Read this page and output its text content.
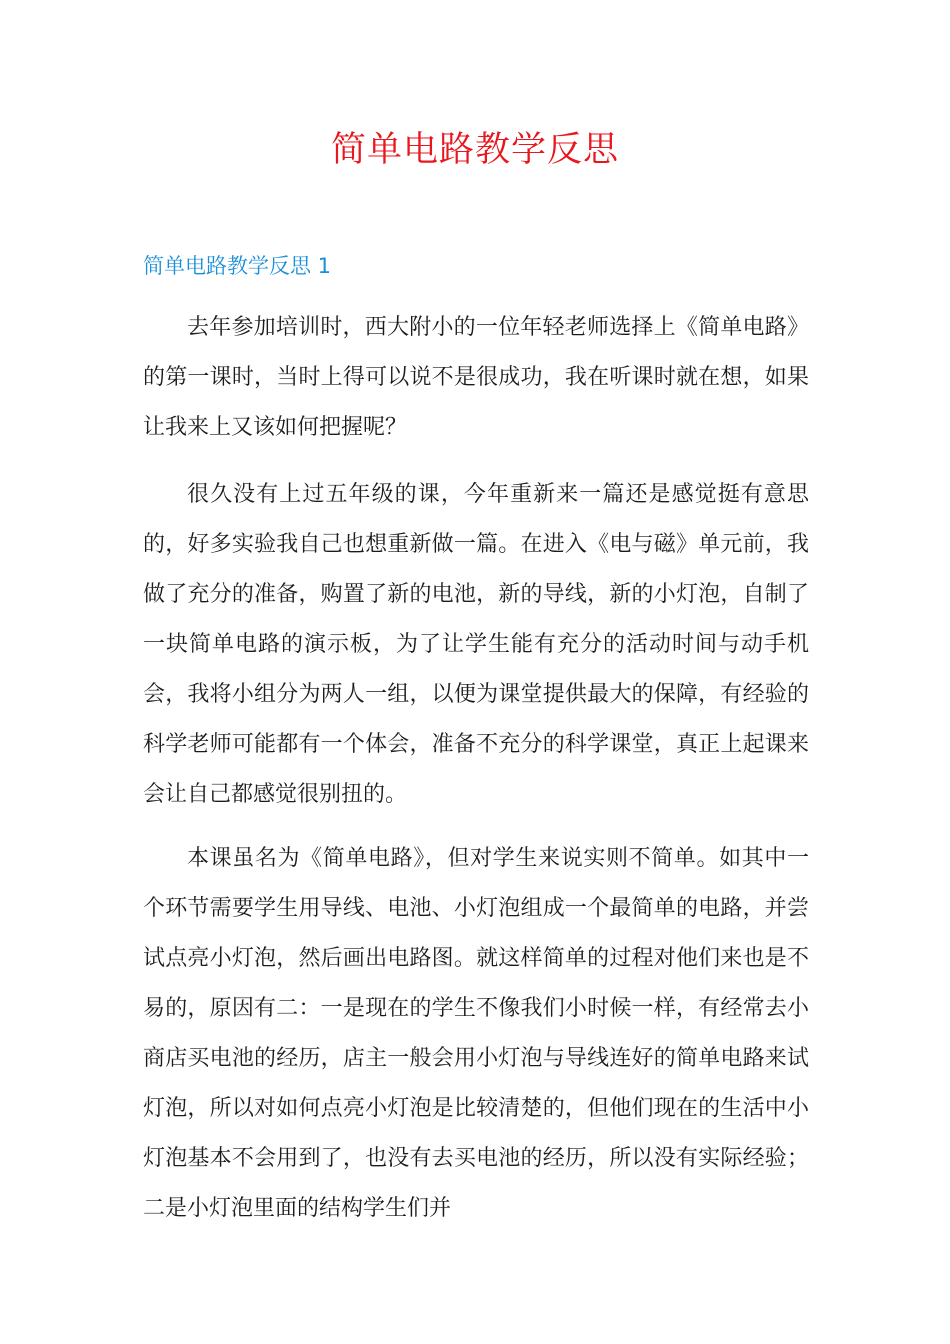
简单电路教学反思
简单电路教学反思 1

去年参加培训时，西大附小的一位年轻老师选择上《简单电路》的第一课时，当时上得可以说不是很成功，我在听课时就在想，如果让我来上又该如何把握呢？

很久没有上过五年级的课，今年重新来一篇还是感觉挺有意思的，好多实验我自己也想重新做一篇。在进入《电与磁》单元前，我做了充分的准备，购置了新的电池，新的导线，新的小灯泡，自制了一块简单电路的演示板，为了让学生能有充分的活动时间与动手机会，我将小组分为两人一组，以便为课堂提供最大的保障，有经验的科学老师可能都有一个体会，准备不充分的科学课堂，真正上起课来会让自己都感觉很别扭的。

本课虽名为《简单电路》，但对学生来说实则不简单。如其中一个环节需要学生用导线、电池、小灯泡组成一个最简单的电路，并尝试点亮小灯泡，然后画出电路图。就这样简单的过程对他们来也是不易的，原因有二：一是现在的学生不像我们小时候一样，有经常去小商店买电池的经历，店主一般会用小灯泡与导线连好的简单电路来试灯泡，所以对如何点亮小灯泡是比较清楚的，但他们现在的生活中小灯泡基本不会用到了，也没有去买电池的经历，所以没有实际经验；二是小灯泡里面的结构学生们并
